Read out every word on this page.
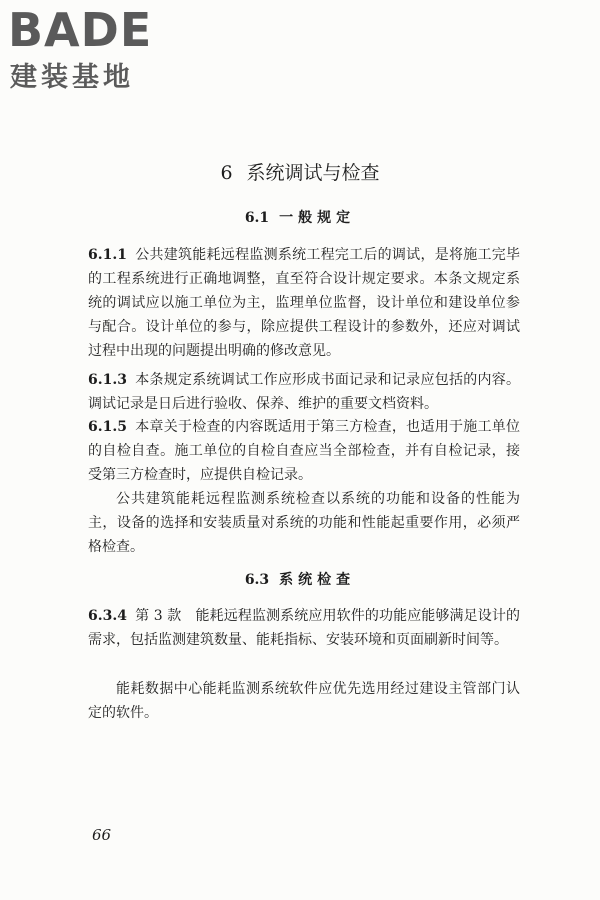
BADE
建装基地
6 系统调试与检查
6.1 一般规定

6.1.1 公共建筑能耗远程监测系统工程完工后的调试，是将施工完毕的工程系统进行正确地调整，直至符合设计规定要求。本条文规定系统的调试应以施工单位为主，监理单位监督，设计单位和建设单位参与配合。设计单位的参与，除应提供工程设计的参数外，还应对调试过程中出现的问题提出明确的修改意见。

6.1.3 本条规定系统调试工作应形成书面记录和记录应包括的内容。调试记录是日后进行验收、保养、维护的重要文档资料。

6.1.5 本章关于检查的内容既适用于第三方检查，也适用于施工单位的自检自查。施工单位的自检自查应当全部检查，并有自检记录，接受第三方检查时，应提供自检记录。

公共建筑能耗远程监测系统检查以系统的功能和设备的性能为主，设备的选择和安装质量对系统的功能和性能起重要作用，必须严格检查。

6.3 系统检查

6.3.4 第 3 款　能耗远程监测系统应用软件的功能应能够满足设计的需求，包括监测建筑数量、能耗指标、安装环境和页面刷新时间等。

能耗数据中心能耗监测系统软件应优先选用经过建设主管部门认定的软件。

66
